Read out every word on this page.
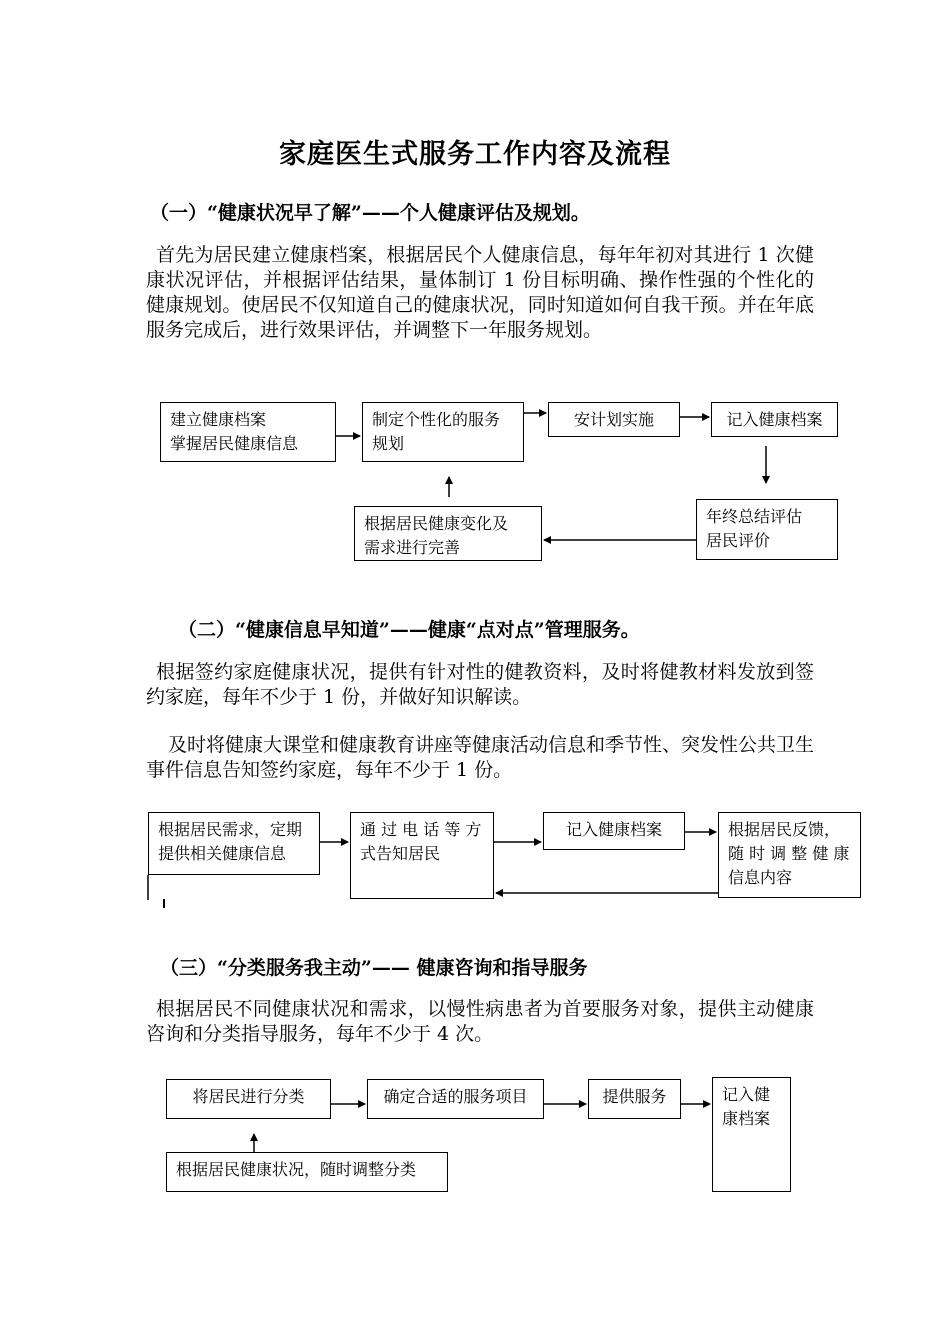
家庭医生式服务工作内容及流程
（一）“健康状况早了解”——个人健康评估及规划。
首先为居民建立健康档案，根据居民个人健康信息，每年年初对其进行 1 次健康状况评估，并根据评估结果，量体制订 1 份目标明确、操作性强的个性化的健康规划。使居民不仅知道自己的健康状况，同时知道如何自我干预。并在年底服务完成后，进行效果评估，并调整下一年服务规划。
建立健康档案
掌握居民健康信息
制定个性化的服务
规划
安计划实施	记入健康档案
年终总结评估
居民评价
根据居民健康变化及
需求进行完善
（二）“健康信息早知道”——健康“点对点”管理服务。
根据签约家庭健康状况，提供有针对性的健教资料，及时将健教材料发放到签约家庭，每年不少于 1 份，并做好知识解读。
及时将健康大课堂和健康教育讲座等健康活动信息和季节性、突发性公共卫生事件信息告知签约家庭，每年不少于 1 份。
根据居民需求，定期
提供相关健康信息
通 过 电 话 等 方
式告知居民
记入健康档案	根据居民反馈，
随 时 调 整 健 康
信息内容
（三）“分类服务我主动”—— 健康咨询和指导服务
根据居民不同健康状况和需求，以慢性病患者为首要服务对象，提供主动健康咨询和分类指导服务，每年不少于 4 次。
将居民进行分类	确定合适的服务项目	提供服务	记入健
康档案
根据居民健康状况，随时调整分类
